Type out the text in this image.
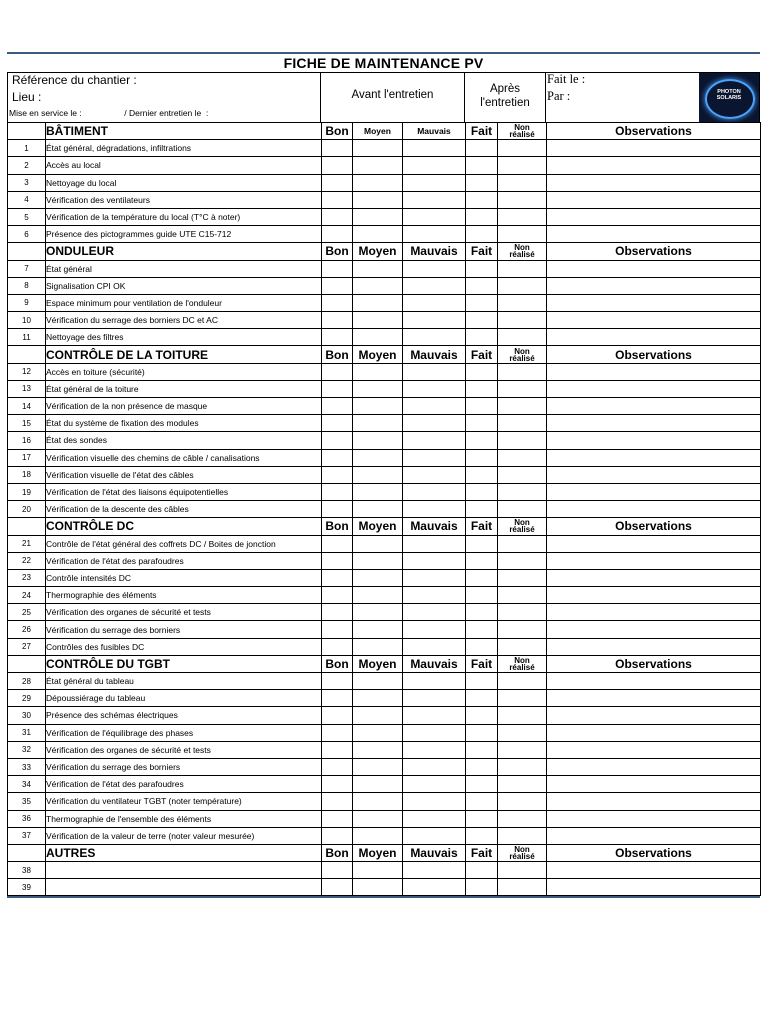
FICHE DE MAINTENANCE PV
Référence du chantier :
Lieu :
Mise en service le :                  / Dernier entretien le  :
Avant l'entretien	Après
l'entretien
Fait le :
Par :	PHOTON
SOLARIS
	BÂTIMENT	Bon	Moyen	Mauvais	Fait	Non
réalisé	Observations
1	État général, dégradations, infiltrations						
2	Accès au local						
3	Nettoyage du local						
4	Vérification des ventilateurs						
5	Vérification de la température du local (T°C à noter)						
6	Présence des pictogrammes guide UTE C15-712						
	ONDULEUR	Bon	Moyen	Mauvais	Fait	Non
réalisé	Observations
7	État général						
8	Signalisation CPI OK						
9	Espace minimum pour ventilation de l'onduleur						
10	Vérification du serrage des borniers DC et AC						
11	Nettoyage des filtres						
	CONTRÔLE DE LA TOITURE	Bon	Moyen	Mauvais	Fait	Non
réalisé	Observations
12	Accès en toiture (sécurité)						
13	État général de la toiture						
14	Vérification de la non présence de masque						
15	État du système de fixation des modules						
16	État des sondes						
17	Vérification visuelle des chemins de câble / canalisations						
18	Vérification visuelle de l'état des câbles						
19	Vérification de l'état des liaisons équipotentielles						
20	Vérification de la descente des câbles						
	CONTRÔLE DC	Bon	Moyen	Mauvais	Fait	Non
réalisé	Observations
21	Contrôle de l'état général des coffrets DC / Boites de jonction						
22	Vérification de l'état des parafoudres						
23	Contrôle intensités DC						
24	Thermographie des éléments						
25	Vérification des organes de sécurité et tests						
26	Vérification du serrage des borniers						
27	Contrôles des fusibles DC						
	CONTRÔLE DU TGBT	Bon	Moyen	Mauvais	Fait	Non
réalisé	Observations
28	État général du tableau						
29	Dépoussiérage du tableau						
30	Présence des schémas électriques						
31	Vérification de l'équilibrage des phases						
32	Vérification des organes de sécurité et tests						
33	Vérification du serrage des borniers						
34	Vérification de l'état des parafoudres						
35	Vérification du ventilateur TGBT (noter température)						
36	Thermographie de l'ensemble des éléments						
37	Vérification de la valeur de terre (noter valeur mesurée)						
	AUTRES	Bon	Moyen	Mauvais	Fait	Non
réalisé	Observations
38							
39							
